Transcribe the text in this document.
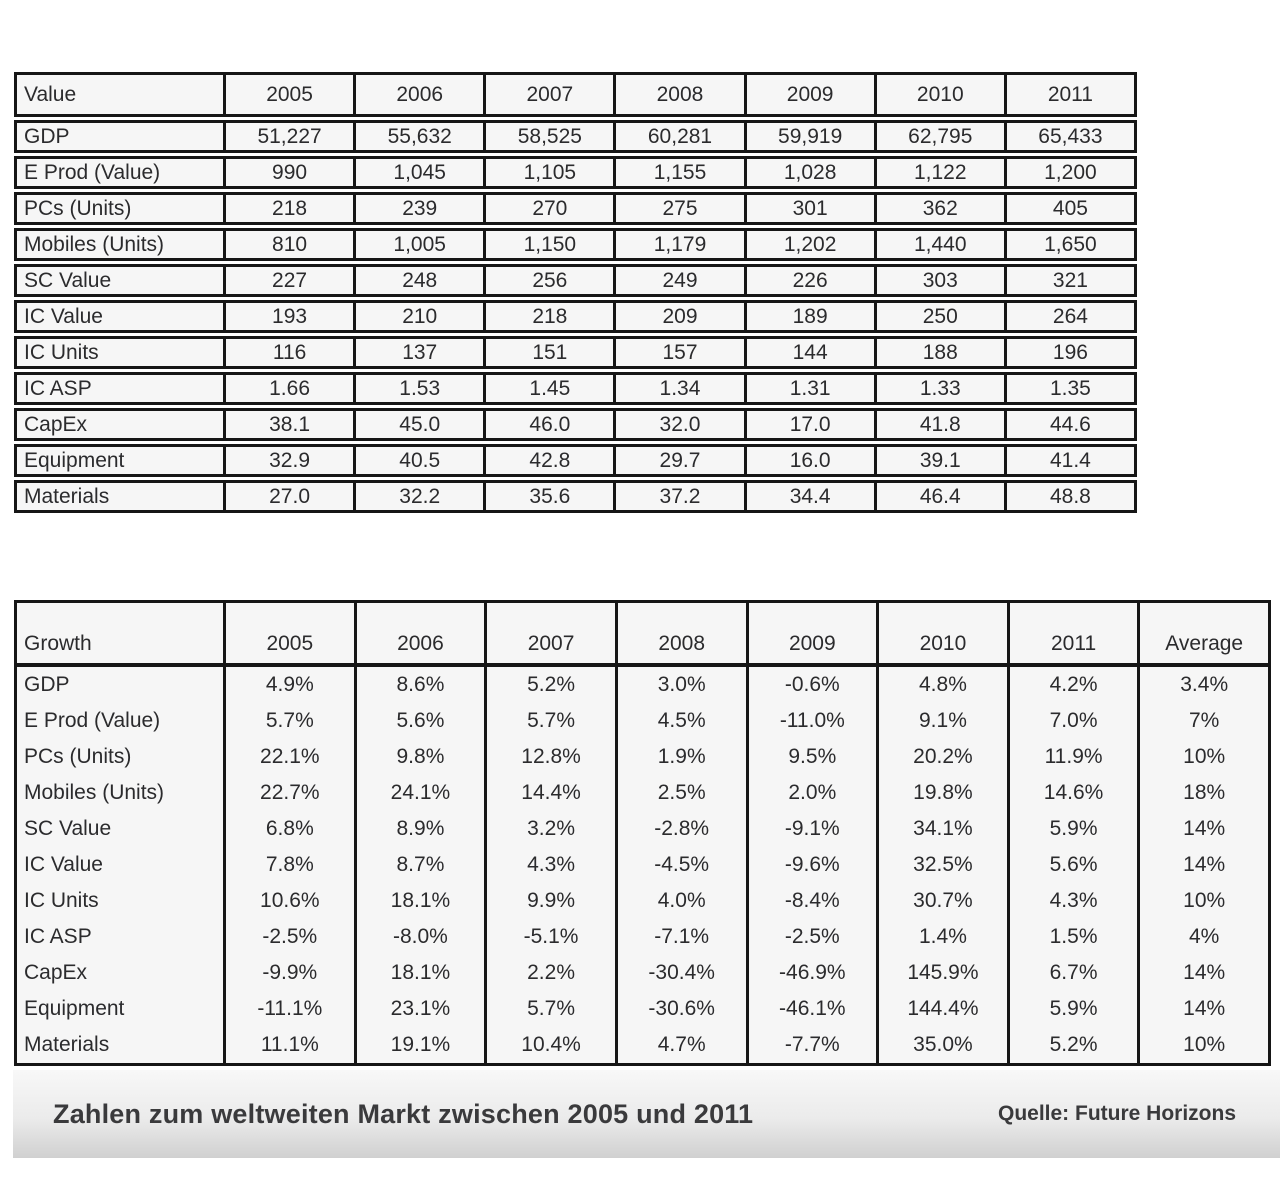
Value	2005	2006	2007	2008	2009	2010	2011
GDP	51,227	55,632	58,525	60,281	59,919	62,795	65,433
E Prod (Value)	990	1,045	1,105	1,155	1,028	1,122	1,200
PCs (Units)	218	239	270	275	301	362	405
Mobiles (Units)	810	1,005	1,150	1,179	1,202	1,440	1,650
SC Value	227	248	256	249	226	303	321
IC Value	193	210	218	209	189	250	264
IC Units	116	137	151	157	144	188	196
IC ASP	1.66	1.53	1.45	1.34	1.31	1.33	1.35
CapEx	38.1	45.0	46.0	32.0	17.0	41.8	44.6
Equipment	32.9	40.5	42.8	29.7	16.0	39.1	41.4
Materials	27.0	32.2	35.6	37.2	34.4	46.4	48.8
Growth	2005	2006	2007	2008	2009	2010	2011	Average
GDP	4.9%	8.6%	5.2%	3.0%	-0.6%	4.8%	4.2%	3.4%
E Prod (Value)	5.7%	5.6%	5.7%	4.5%	-11.0%	9.1%	7.0%	7%
PCs (Units)	22.1%	9.8%	12.8%	1.9%	9.5%	20.2%	11.9%	10%
Mobiles (Units)	22.7%	24.1%	14.4%	2.5%	2.0%	19.8%	14.6%	18%
SC Value	6.8%	8.9%	3.2%	-2.8%	-9.1%	34.1%	5.9%	14%
IC Value	7.8%	8.7%	4.3%	-4.5%	-9.6%	32.5%	5.6%	14%
IC Units	10.6%	18.1%	9.9%	4.0%	-8.4%	30.7%	4.3%	10%
IC ASP	-2.5%	-8.0%	-5.1%	-7.1%	-2.5%	1.4%	1.5%	4%
CapEx	-9.9%	18.1%	2.2%	-30.4%	-46.9%	145.9%	6.7%	14%
Equipment	-11.1%	23.1%	5.7%	-30.6%	-46.1%	144.4%	5.9%	14%
Materials	11.1%	19.1%	10.4%	4.7%	-7.7%	35.0%	5.2%	10%
Zahlen zum weltweiten Markt zwischen 2005 und 2011	Quelle: Future Horizons
